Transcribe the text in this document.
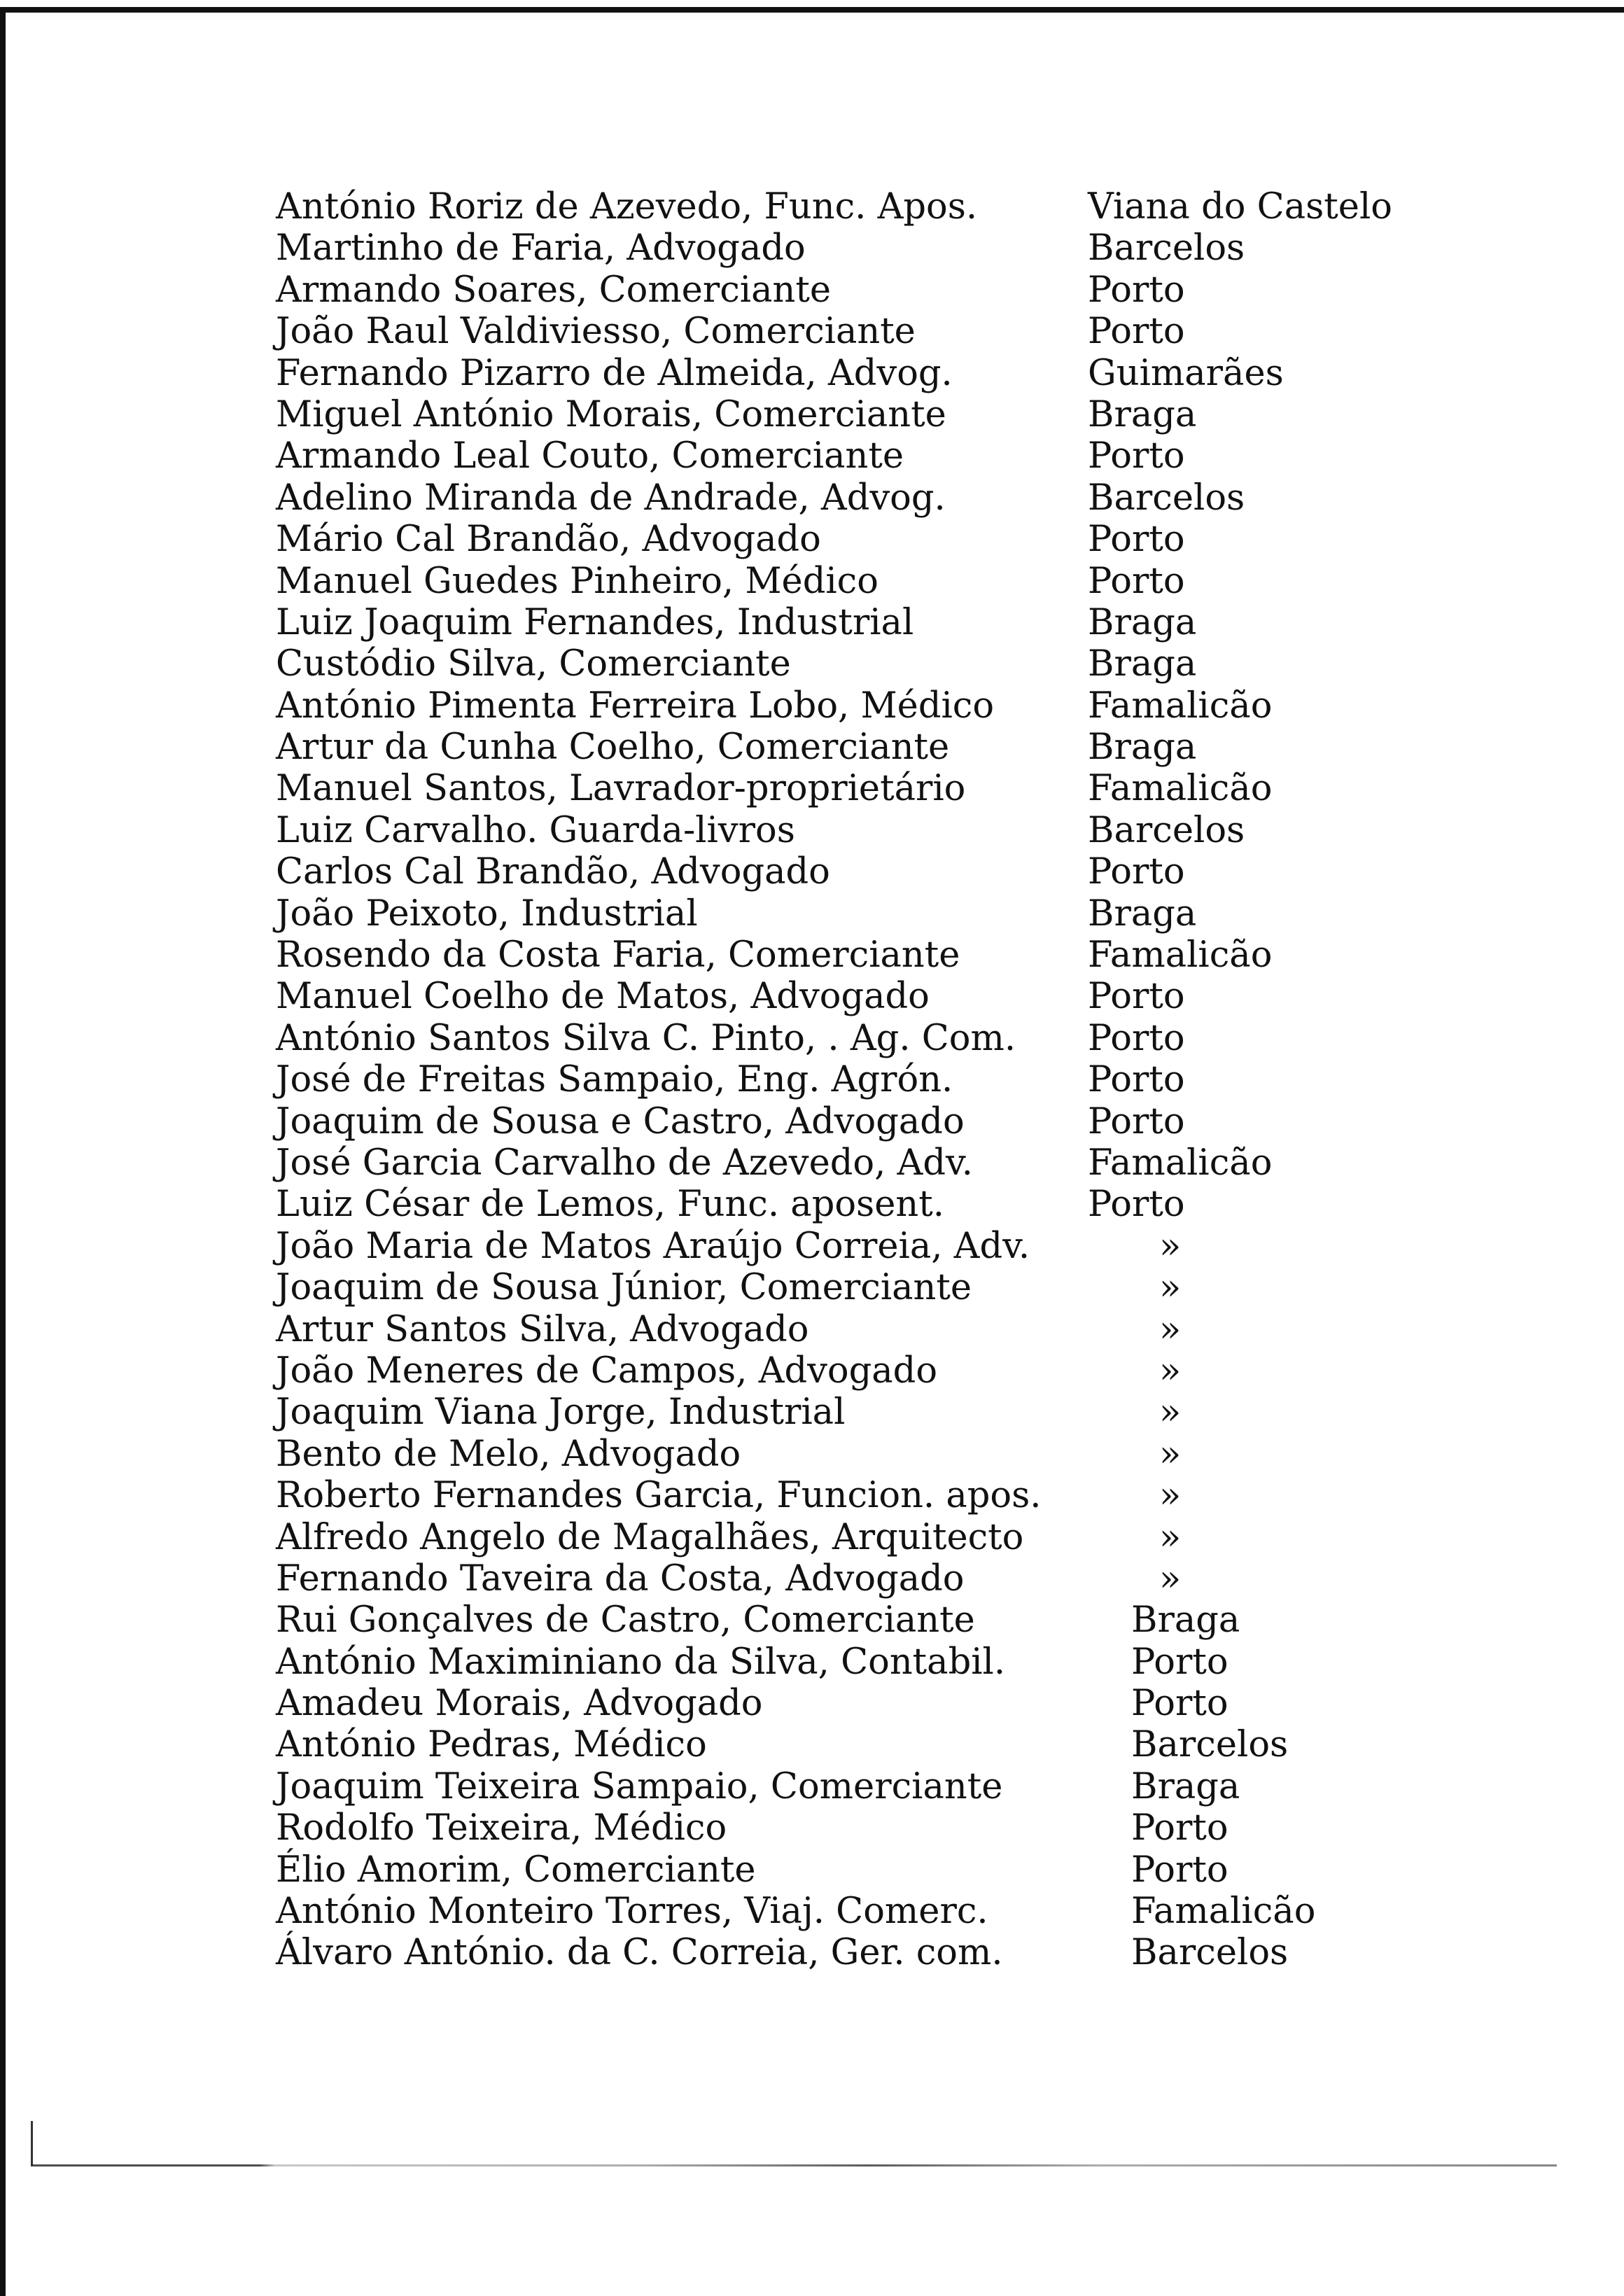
António Roriz de Azevedo, Func. Apos.	Viana do Castelo
Martinho de Faria, Advogado	Barcelos
Armando Soares, Comerciante	Porto
João Raul Valdiviesso, Comerciante	Porto
Fernando Pizarro de Almeida, Advog.	Guimarães
Miguel António Morais, Comerciante	Braga
Armando Leal Couto, Comerciante	Porto
Adelino Miranda de Andrade, Advog.	Barcelos
Mário Cal Brandão, Advogado	Porto
Manuel Guedes Pinheiro, Médico	Porto
Luiz Joaquim Fernandes, Industrial	Braga
Custódio Silva, Comerciante	Braga
António Pimenta Ferreira Lobo, Médico	Famalicão
Artur da Cunha Coelho, Comerciante	Braga
Manuel Santos, Lavrador-proprietário	Famalicão
Luiz Carvalho. Guarda-livros	Barcelos
Carlos Cal Brandão, Advogado	Porto
João Peixoto, Industrial	Braga
Rosendo da Costa Faria, Comerciante	Famalicão
Manuel Coelho de Matos, Advogado	Porto
António Santos Silva C. Pinto, . Ag. Com. Porto
José de Freitas Sampaio, Eng. Agrón.	Porto
Joaquim de Sousa e Castro, Advogado	Porto
José Garcia Carvalho de Azevedo, Adv.	Famalicão
Luiz César de Lemos, Func. aposent.	Porto
João Maria de Matos Araújo Correia, Adv.	»
Joaquim de Sousa Júnior, Comerciante	»
Artur Santos Silva, Advogado	»
João Meneres de Campos, Advogado	»
Joaquim Viana Jorge, Industrial	»
Bento de Melo, Advogado	»
Roberto Fernandes Garcia, Funcion. apos.	»
Alfredo Angelo de Magalhães, Arquitecto	»
Fernando Taveira da Costa, Advogado	»
Rui Gonçalves de Castro, Comerciante	Braga
António Maximiniano da Silva, Contabil.	Porto
Amadeu Morais, Advogado	Porto
António Pedras, Médico	Barcelos
Joaquim Teixeira Sampaio, Comerciante	Braga
Rodolfo Teixeira, Médico	Porto
Élio Amorim, Comerciante	Porto
António Monteiro Torres, Viaj. Comerc.	Famalicão
Álvaro António. da C. Correia, Ger. com.	Barcelos
